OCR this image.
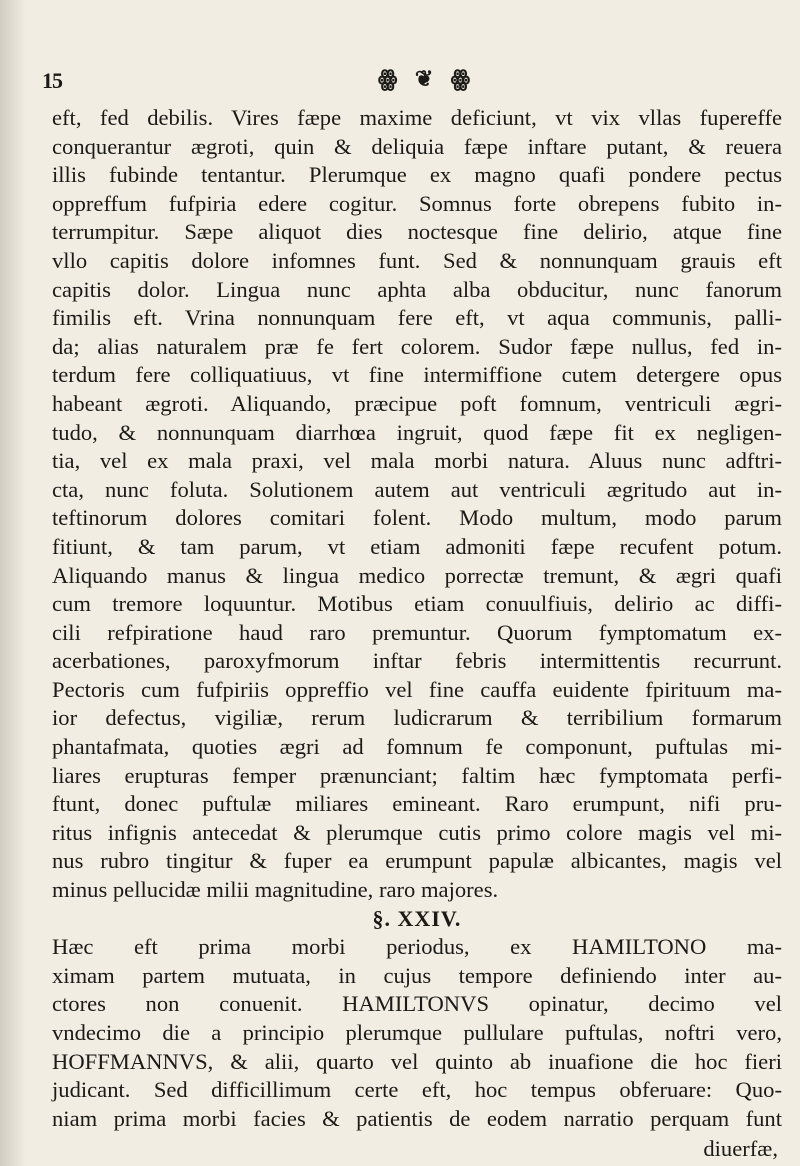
15	ꙮ ❦ ꙮ
eft, fed debilis. Vires fæpe maxime deficiunt, vt vix vllas fupereffe
conquerantur ægroti, quin & deliquia fæpe inftare putant, & reuera
illis fubinde tentantur. Plerumque ex magno quafi pondere pectus
oppreffum fufpiria edere cogitur. Somnus forte obrepens fubito in-
terrumpitur. Sæpe aliquot dies noctesque fine delirio, atque fine
vllo capitis dolore infomnes funt. Sed & nonnunquam grauis eft
capitis dolor. Lingua nunc aphta alba obducitur, nunc fanorum
fimilis eft. Vrina nonnunquam fere eft, vt aqua communis, palli-
da; alias naturalem præ fe fert colorem. Sudor fæpe nullus, fed in-
terdum fere colliquatiuus, vt fine intermiffione cutem detergere opus
habeant ægroti. Aliquando, præcipue poft fomnum, ventriculi ægri-
tudo, & nonnunquam diarrhœa ingruit, quod fæpe fit ex negligen-
tia, vel ex mala praxi, vel mala morbi natura. Aluus nunc adftri-
cta, nunc foluta. Solutionem autem aut ventriculi ægritudo aut in-
teftinorum dolores comitari folent. Modo multum, modo parum
fitiunt, & tam parum, vt etiam admoniti fæpe recufent potum.
Aliquando manus & lingua medico porrectæ tremunt, & ægri quafi
cum tremore loquuntur. Motibus etiam conuulfiuis, delirio ac diffi-
cili refpiratione haud raro premuntur. Quorum fymptomatum ex-
acerbationes, paroxyfmorum inftar febris intermittentis recurrunt.
Pectoris cum fufpiriis oppreffio vel fine cauffa euidente fpirituum ma-
ior defectus, vigiliæ, rerum ludicrarum & terribilium formarum
phantafmata, quoties ægri ad fomnum fe componunt, puftulas mi-
liares erupturas femper prænunciant; faltim hæc fymptomata perfi-
ftunt, donec puftulæ miliares emineant. Raro erumpunt, nifi pru-
ritus infignis antecedat & plerumque cutis primo colore magis vel mi-
nus rubro tingitur & fuper ea erumpunt papulæ albicantes, magis vel
minus pellucidæ milii magnitudine, raro majores.
§. XXIV.
Hæc eft prima morbi periodus, ex HAMILTONO ma-
ximam partem mutuata, in cujus tempore definiendo inter au-
ctores non conuenit. HAMILTONVS opinatur, decimo vel
vndecimo die a principio plerumque pullulare puftulas, noftri vero,
HOFFMANNVS, & alii, quarto vel quinto ab inuafione die hoc fieri
judicant. Sed difficillimum certe eft, hoc tempus obferuare: Quo-
niam prima morbi facies & patientis de eodem narratio perquam funt
diuerfæ,
